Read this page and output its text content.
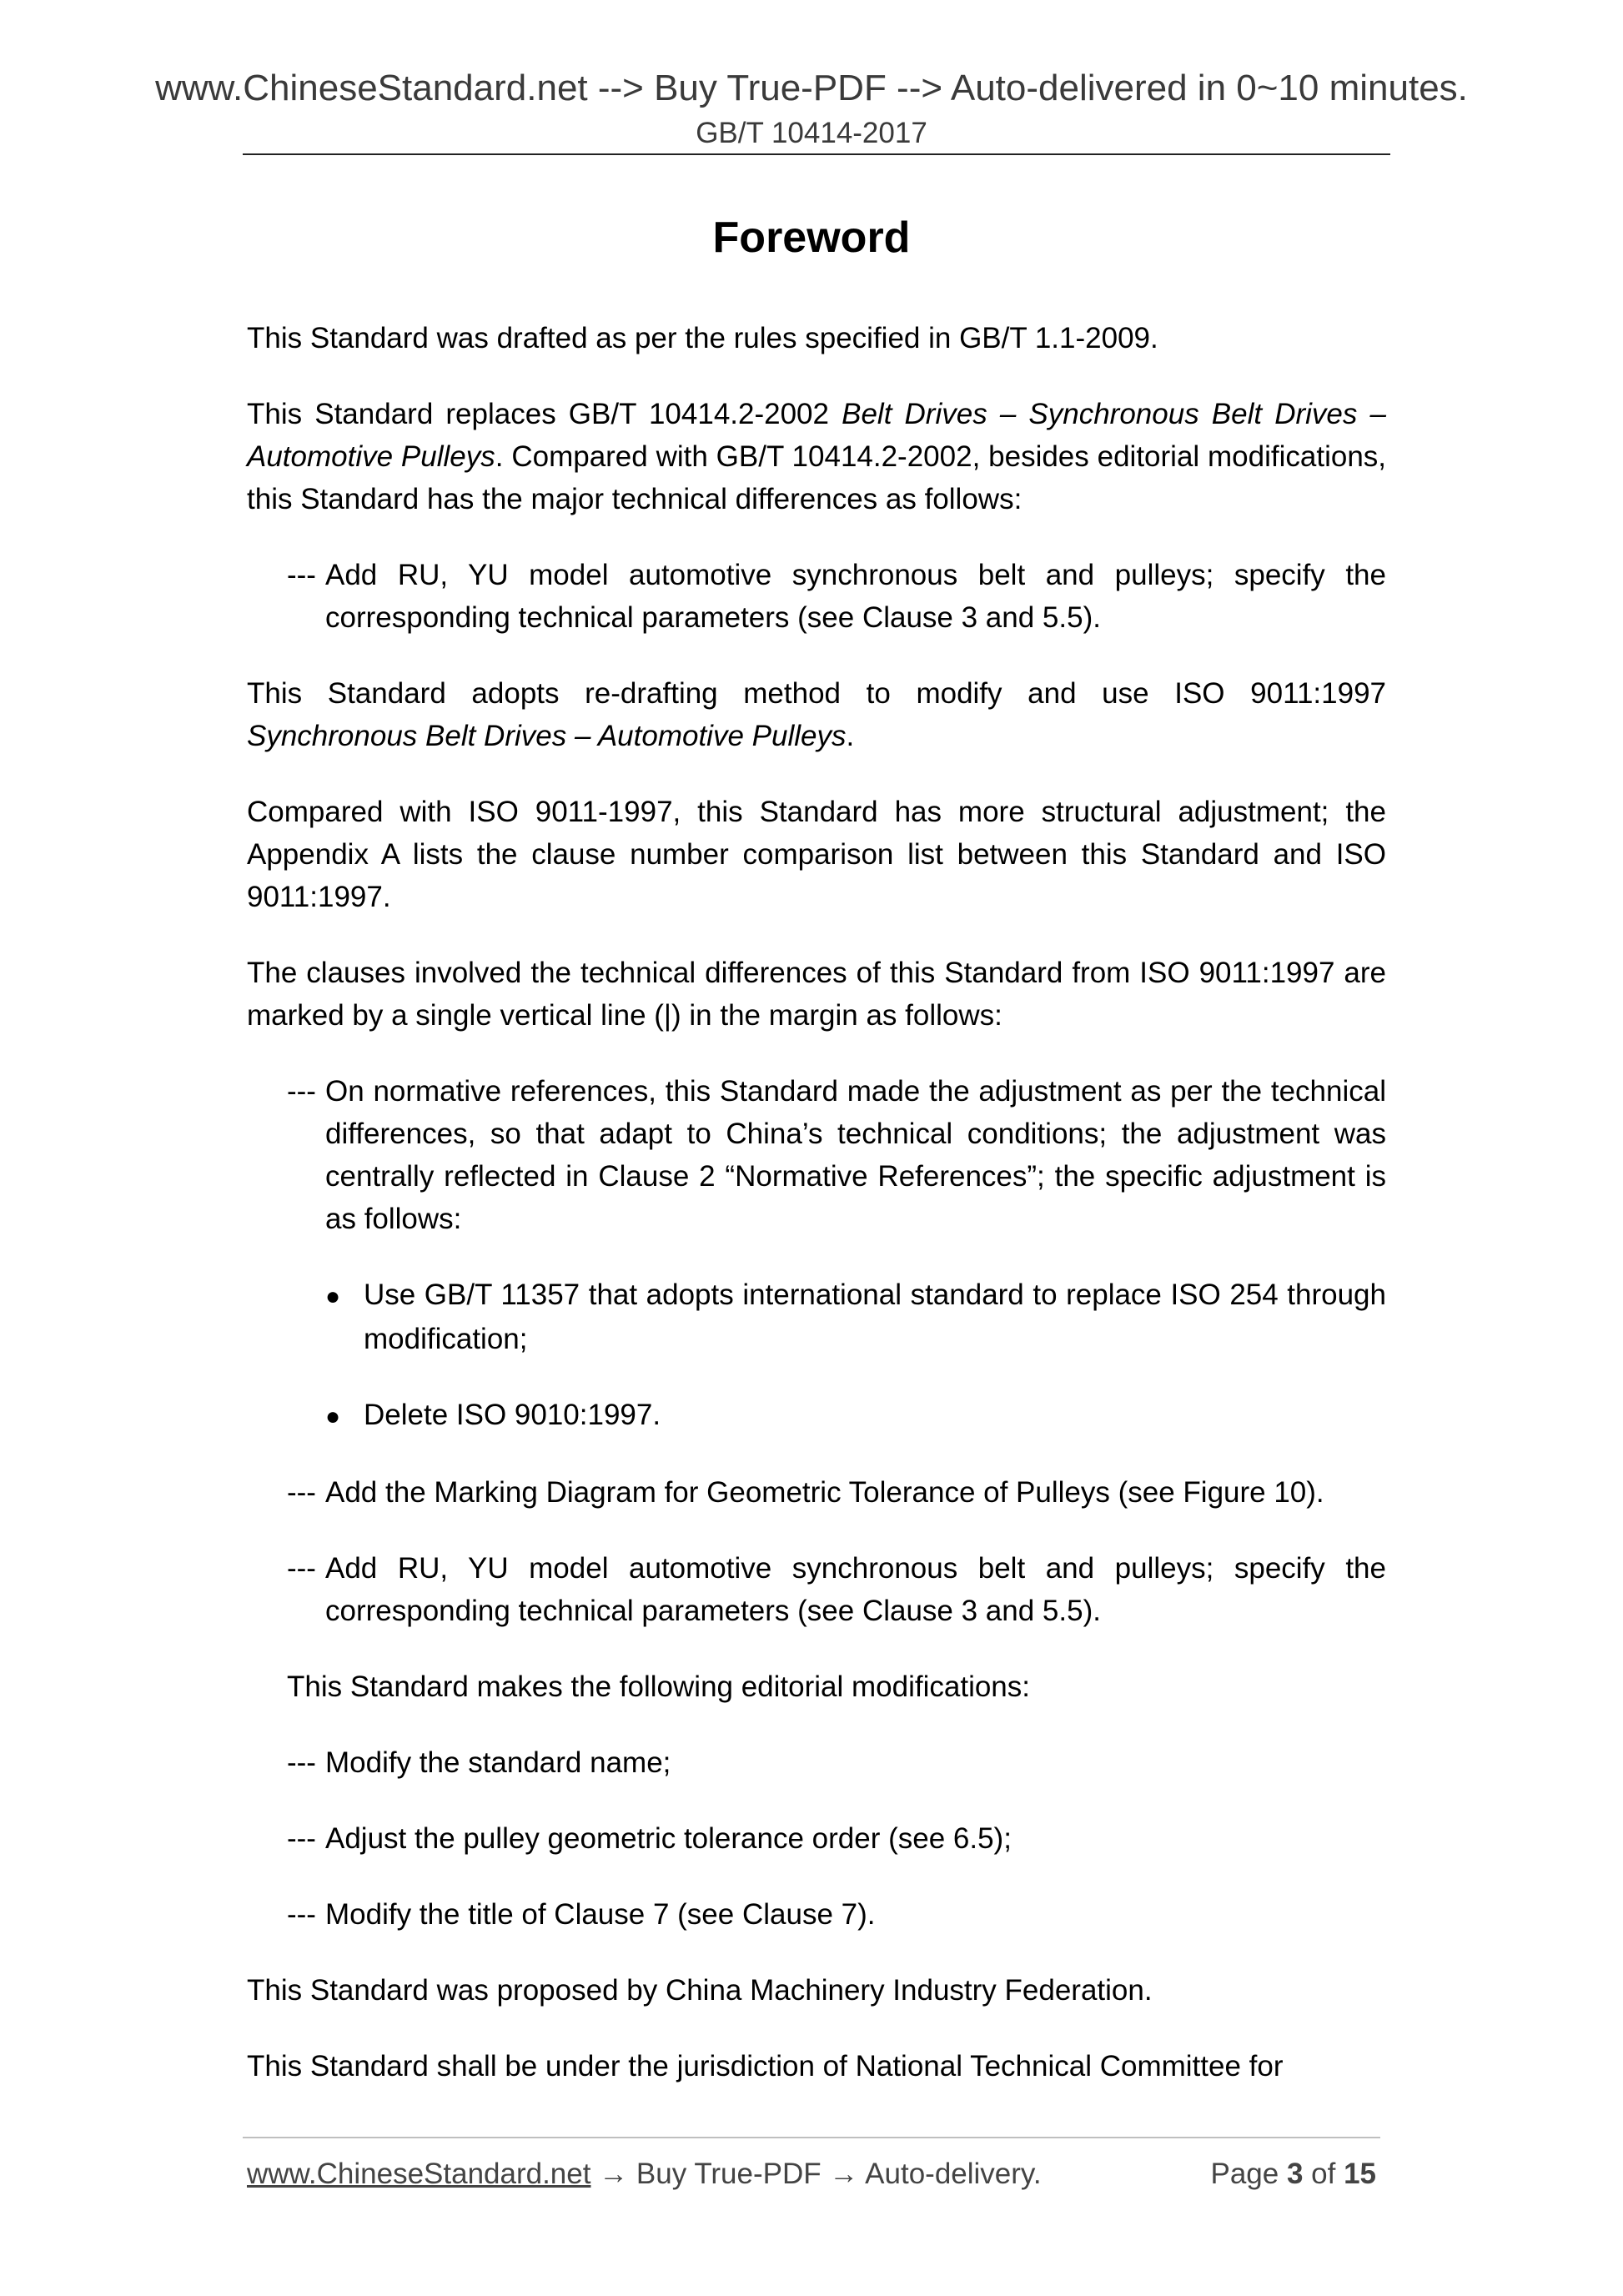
www.ChineseStandard.net --> Buy True-PDF --> Auto-delivered in 0~10 minutes.
GB/T 10414-2017
Foreword

This Standard was drafted as per the rules specified in GB/T 1.1-2009.

This Standard replaces GB/T 10414.2-2002 Belt Drives – Synchronous Belt Drives – Automotive Pulleys. Compared with GB/T 10414.2-2002, besides editorial modifications, this Standard has the major technical differences as follows:

--- Add RU, YU model automotive synchronous belt and pulleys; specify the corresponding technical parameters (see Clause 3 and 5.5).

This Standard adopts re-drafting method to modify and use ISO 9011:1997 Synchronous Belt Drives – Automotive Pulleys.

Compared with ISO 9011-1997, this Standard has more structural adjustment; the Appendix A lists the clause number comparison list between this Standard and ISO 9011:1997.

The clauses involved the technical differences of this Standard from ISO 9011:1997 are marked by a single vertical line (|) in the margin as follows:

--- On normative references, this Standard made the adjustment as per the technical differences, so that adapt to China’s technical conditions; the adjustment was centrally reflected in Clause 2 “Normative References”; the specific adjustment is as follows:

● Use GB/T 11357 that adopts international standard to replace ISO 254 through modification;

● Delete ISO 9010:1997.

--- Add the Marking Diagram for Geometric Tolerance of Pulleys (see Figure 10).

--- Add RU, YU model automotive synchronous belt and pulleys; specify the corresponding technical parameters (see Clause 3 and 5.5).

This Standard makes the following editorial modifications:

--- Modify the standard name;

--- Adjust the pulley geometric tolerance order (see 6.5);

--- Modify the title of Clause 7 (see Clause 7).

This Standard was proposed by China Machinery Industry Federation.

This Standard shall be under the jurisdiction of National Technical Committee for

www.ChineseStandard.net → Buy True-PDF → Auto-delivery.	Page 3 of 15
